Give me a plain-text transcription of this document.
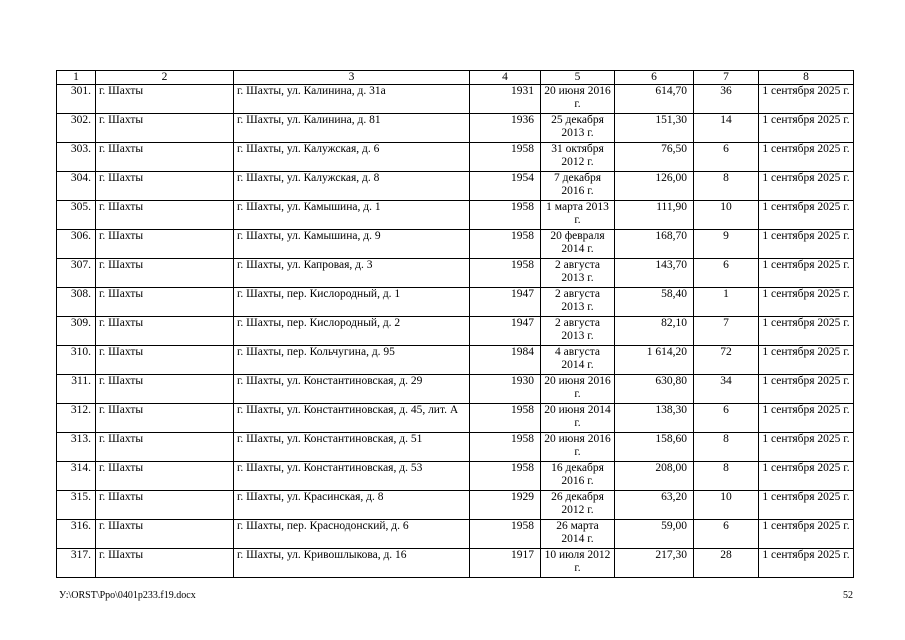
1	2	3	4	5	6	7	8
301.	г. Шахты	г. Шахты, ул. Калинина, д. 31а	1931	20 июня 2016 г.	614,70	36	1 сентября 2025 г.
302.	г. Шахты	г. Шахты, ул. Калинина, д. 81	1936	25 декабря 2013 г.	151,30	14	1 сентября 2025 г.
303.	г. Шахты	г. Шахты, ул. Калужская, д. 6	1958	31 октября 2012 г.	76,50	6	1 сентября 2025 г.
304.	г. Шахты	г. Шахты, ул. Калужская, д. 8	1954	7 декабря 2016 г.	126,00	8	1 сентября 2025 г.
305.	г. Шахты	г. Шахты, ул. Камышина, д. 1	1958	1 марта 2013 г.	111,90	10	1 сентября 2025 г.
306.	г. Шахты	г. Шахты, ул. Камышина, д. 9	1958	20 февраля 2014 г.	168,70	9	1 сентября 2025 г.
307.	г. Шахты	г. Шахты, ул. Капровая, д. 3	1958	2 августа 2013 г.	143,70	6	1 сентября 2025 г.
308.	г. Шахты	г. Шахты, пер. Кислородный, д. 1	1947	2 августа 2013 г.	58,40	1	1 сентября 2025 г.
309.	г. Шахты	г. Шахты, пер. Кислородный, д. 2	1947	2 августа 2013 г.	82,10	7	1 сентября 2025 г.
310.	г. Шахты	г. Шахты, пер. Кольчугина, д. 95	1984	4 августа 2014 г.	1 614,20	72	1 сентября 2025 г.
311.	г. Шахты	г. Шахты, ул. Константиновская, д. 29	1930	20 июня 2016 г.	630,80	34	1 сентября 2025 г.
312.	г. Шахты	г. Шахты, ул. Константиновская, д. 45, лит. А	1958	20 июня 2014 г.	138,30	6	1 сентября 2025 г.
313.	г. Шахты	г. Шахты, ул. Константиновская, д. 51	1958	20 июня 2016 г.	158,60	8	1 сентября 2025 г.
314.	г. Шахты	г. Шахты, ул. Константиновская, д. 53	1958	16 декабря 2016 г.	208,00	8	1 сентября 2025 г.
315.	г. Шахты	г. Шахты, ул. Красинская, д. 8	1929	26 декабря 2012 г.	63,20	10	1 сентября 2025 г.
316.	г. Шахты	г. Шахты, пер. Краснодонский, д. 6	1958	26 марта 2014 г.	59,00	6	1 сентября 2025 г.
317.	г. Шахты	г. Шахты, ул. Кривошлыкова, д. 16	1917	10 июля 2012 г.	217,30	28	1 сентября 2025 г.
У:\ORST\Ppo\0401p233.f19.docx	52
